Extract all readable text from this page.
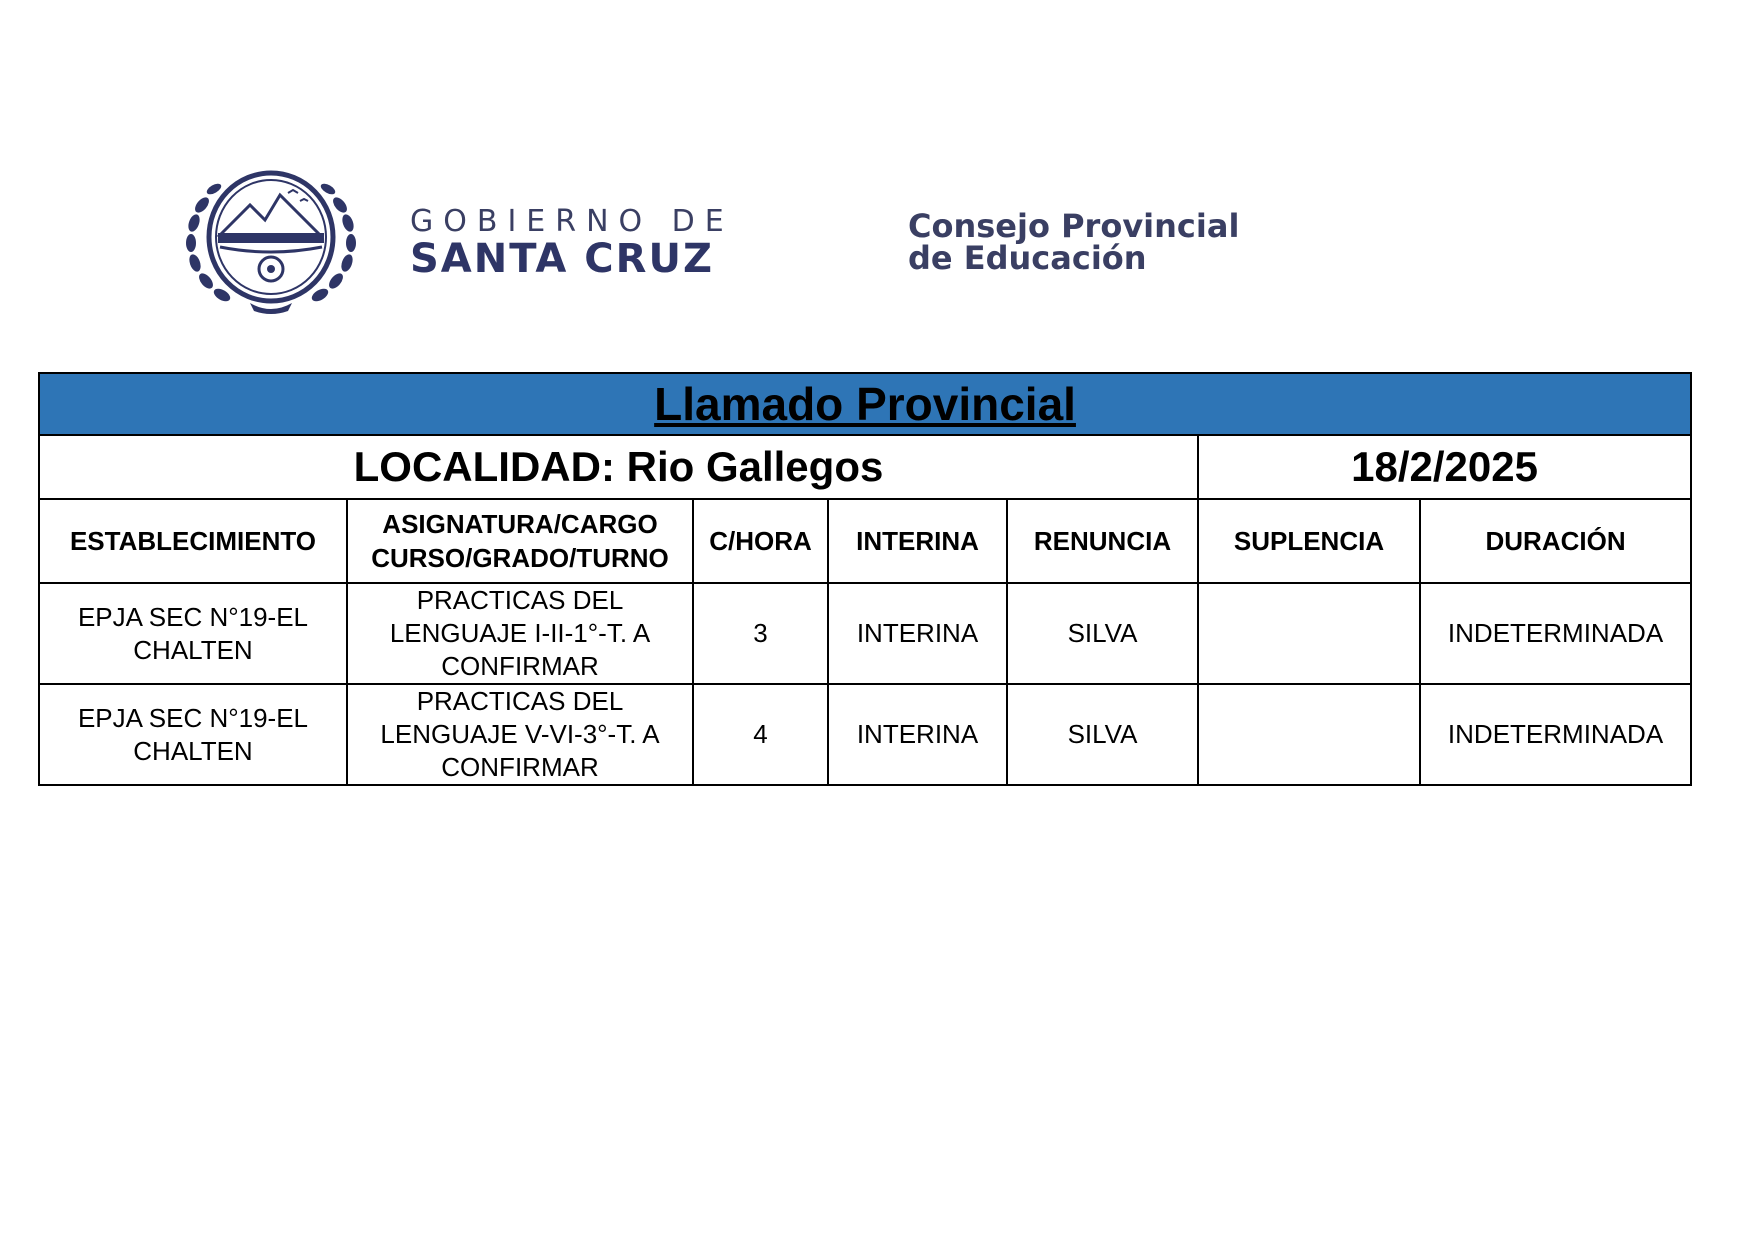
GOBIERNO DE
SANTA CRUZ
Consejo Provincial
de Educación
Llamado Provincial						
LOCALIDAD: Rio Gallegos					18/2/2025	
ESTABLECIMIENTO	ASIGNATURA/CARGO CURSO/GRADO/TURNO	C/HORA	INTERINA	RENUNCIA	SUPLENCIA	DURACIÓN
EPJA SEC N°19-EL CHALTEN	PRACTICAS DEL LENGUAJE I-II-1°-T. A CONFIRMAR	3	INTERINA	SILVA		INDETERMINADA
EPJA SEC N°19-EL CHALTEN	PRACTICAS DEL LENGUAJE V-VI-3°-T. A CONFIRMAR	4	INTERINA	SILVA		INDETERMINADA
